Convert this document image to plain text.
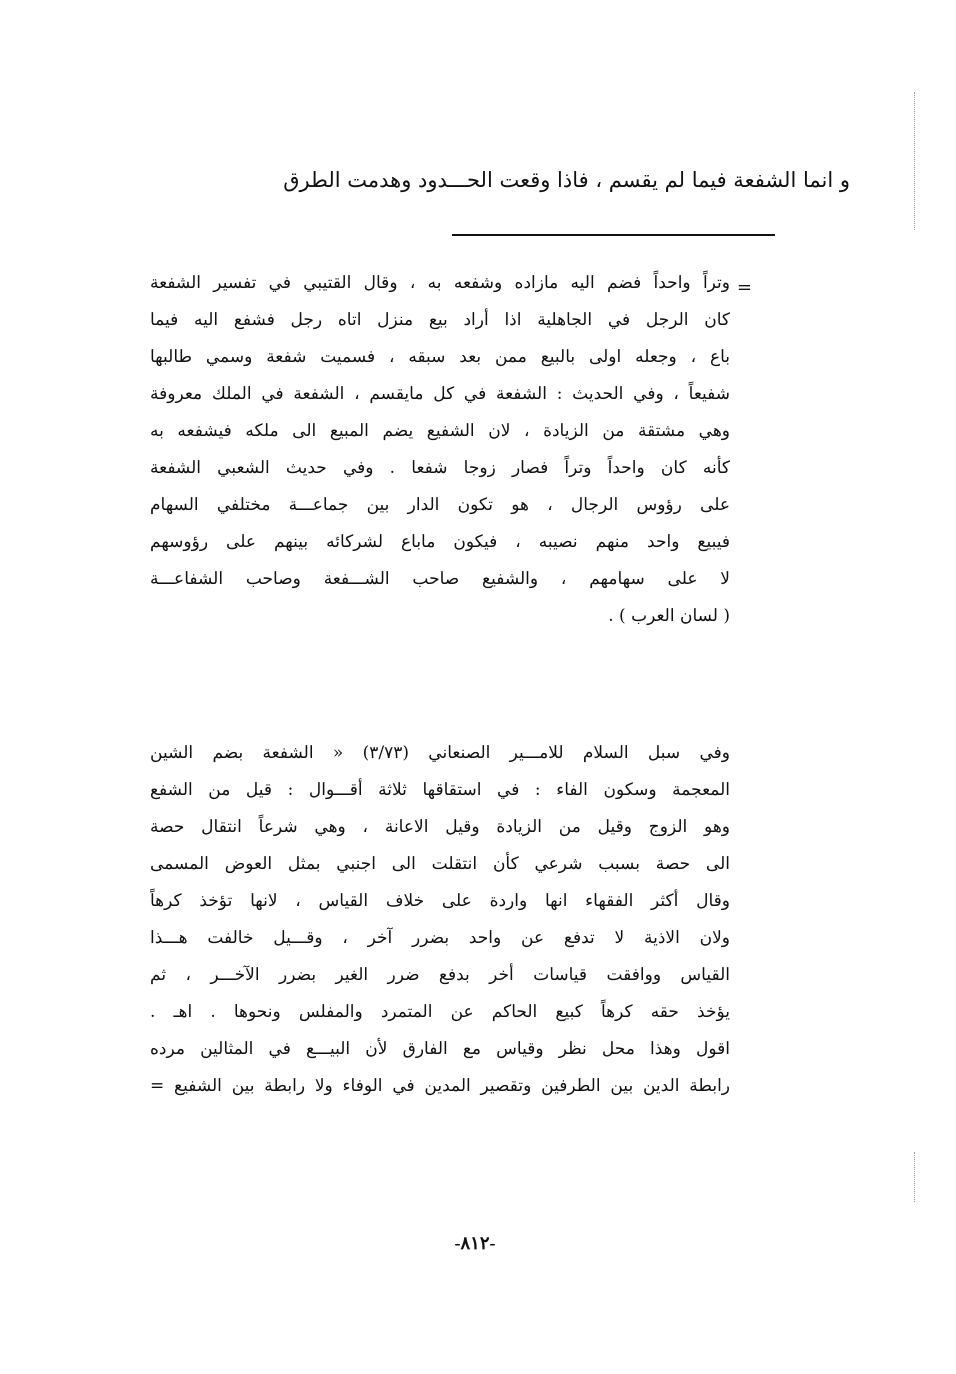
و انما الشفعة فيما لم يقسم ، فاذا وقعت الحـــدود وهدمت الطرق
=
وتراً واحداً فضم اليه مازاده وشفعه به ، وقال القتيبي في تفسير الشفعة
كان الرجل في الجاهلية اذا أراد بيع منزل اتاه رجل فشفع اليه فيما
باع ، وجعله اولى بالبيع ممن بعد سبقه ، فسميت شفعة وسمي طالبها
شفيعاً ، وفي الحديث : الشفعة في كل مايقسم ، الشفعة في الملك معروفة
وهي مشتقة من الزيادة ، لان الشفيع يضم المبيع الى ملكه فيشفعه به
كأنه كان واحداً وتراً فصار زوجا شفعا . وفي حديث الشعبي الشفعة
على رؤوس الرجال ، هو تكون الدار بين جماعـــة مختلفي السهام
فيبيع واحد منهم نصيبه ، فيكون ماباع لشركائه بينهم على رؤوسهم
لا على سهامهم ، والشفيع صاحب الشـــفعة وصاحب الشفاعـــة
( لسان العرب ) .
وفي سبل السلام للامـــير الصنعاني (٣/٧٣) « الشفعة بضم الشين
المعجمة وسكون الفاء : في استقاقها ثلاثة أقـــوال : قيل من الشفع
وهو الزوج وقيل من الزيادة وقيل الاعانة ، وهي شرعاً انتقال حصة
الى حصة بسبب شرعي كأن انتقلت الى اجنبي بمثل العوض المسمى
وقال أكثر الفقهاء انها واردة على خلاف القياس ، لانها تؤخذ كرهاً
ولان الاذية لا تدفع عن واحد بضرر آخر ، وقـــيل خالفت هـــذا
القياس ووافقت قياسات أخر بدفع ضرر الغير بضرر الآخـــر ، ثم
يؤخذ حقه كرهاً كبيع الحاكم عن المتمرد والمفلس ونحوها . اهـ .
اقول وهذا محل نظر وقياس مع الفارق لأن البيـــع في المثالين مرده
رابطة الدين بين الطرفين وتقصير المدين في الوفاء ولا رابطة بين الشفيع =
-٨١٢-
